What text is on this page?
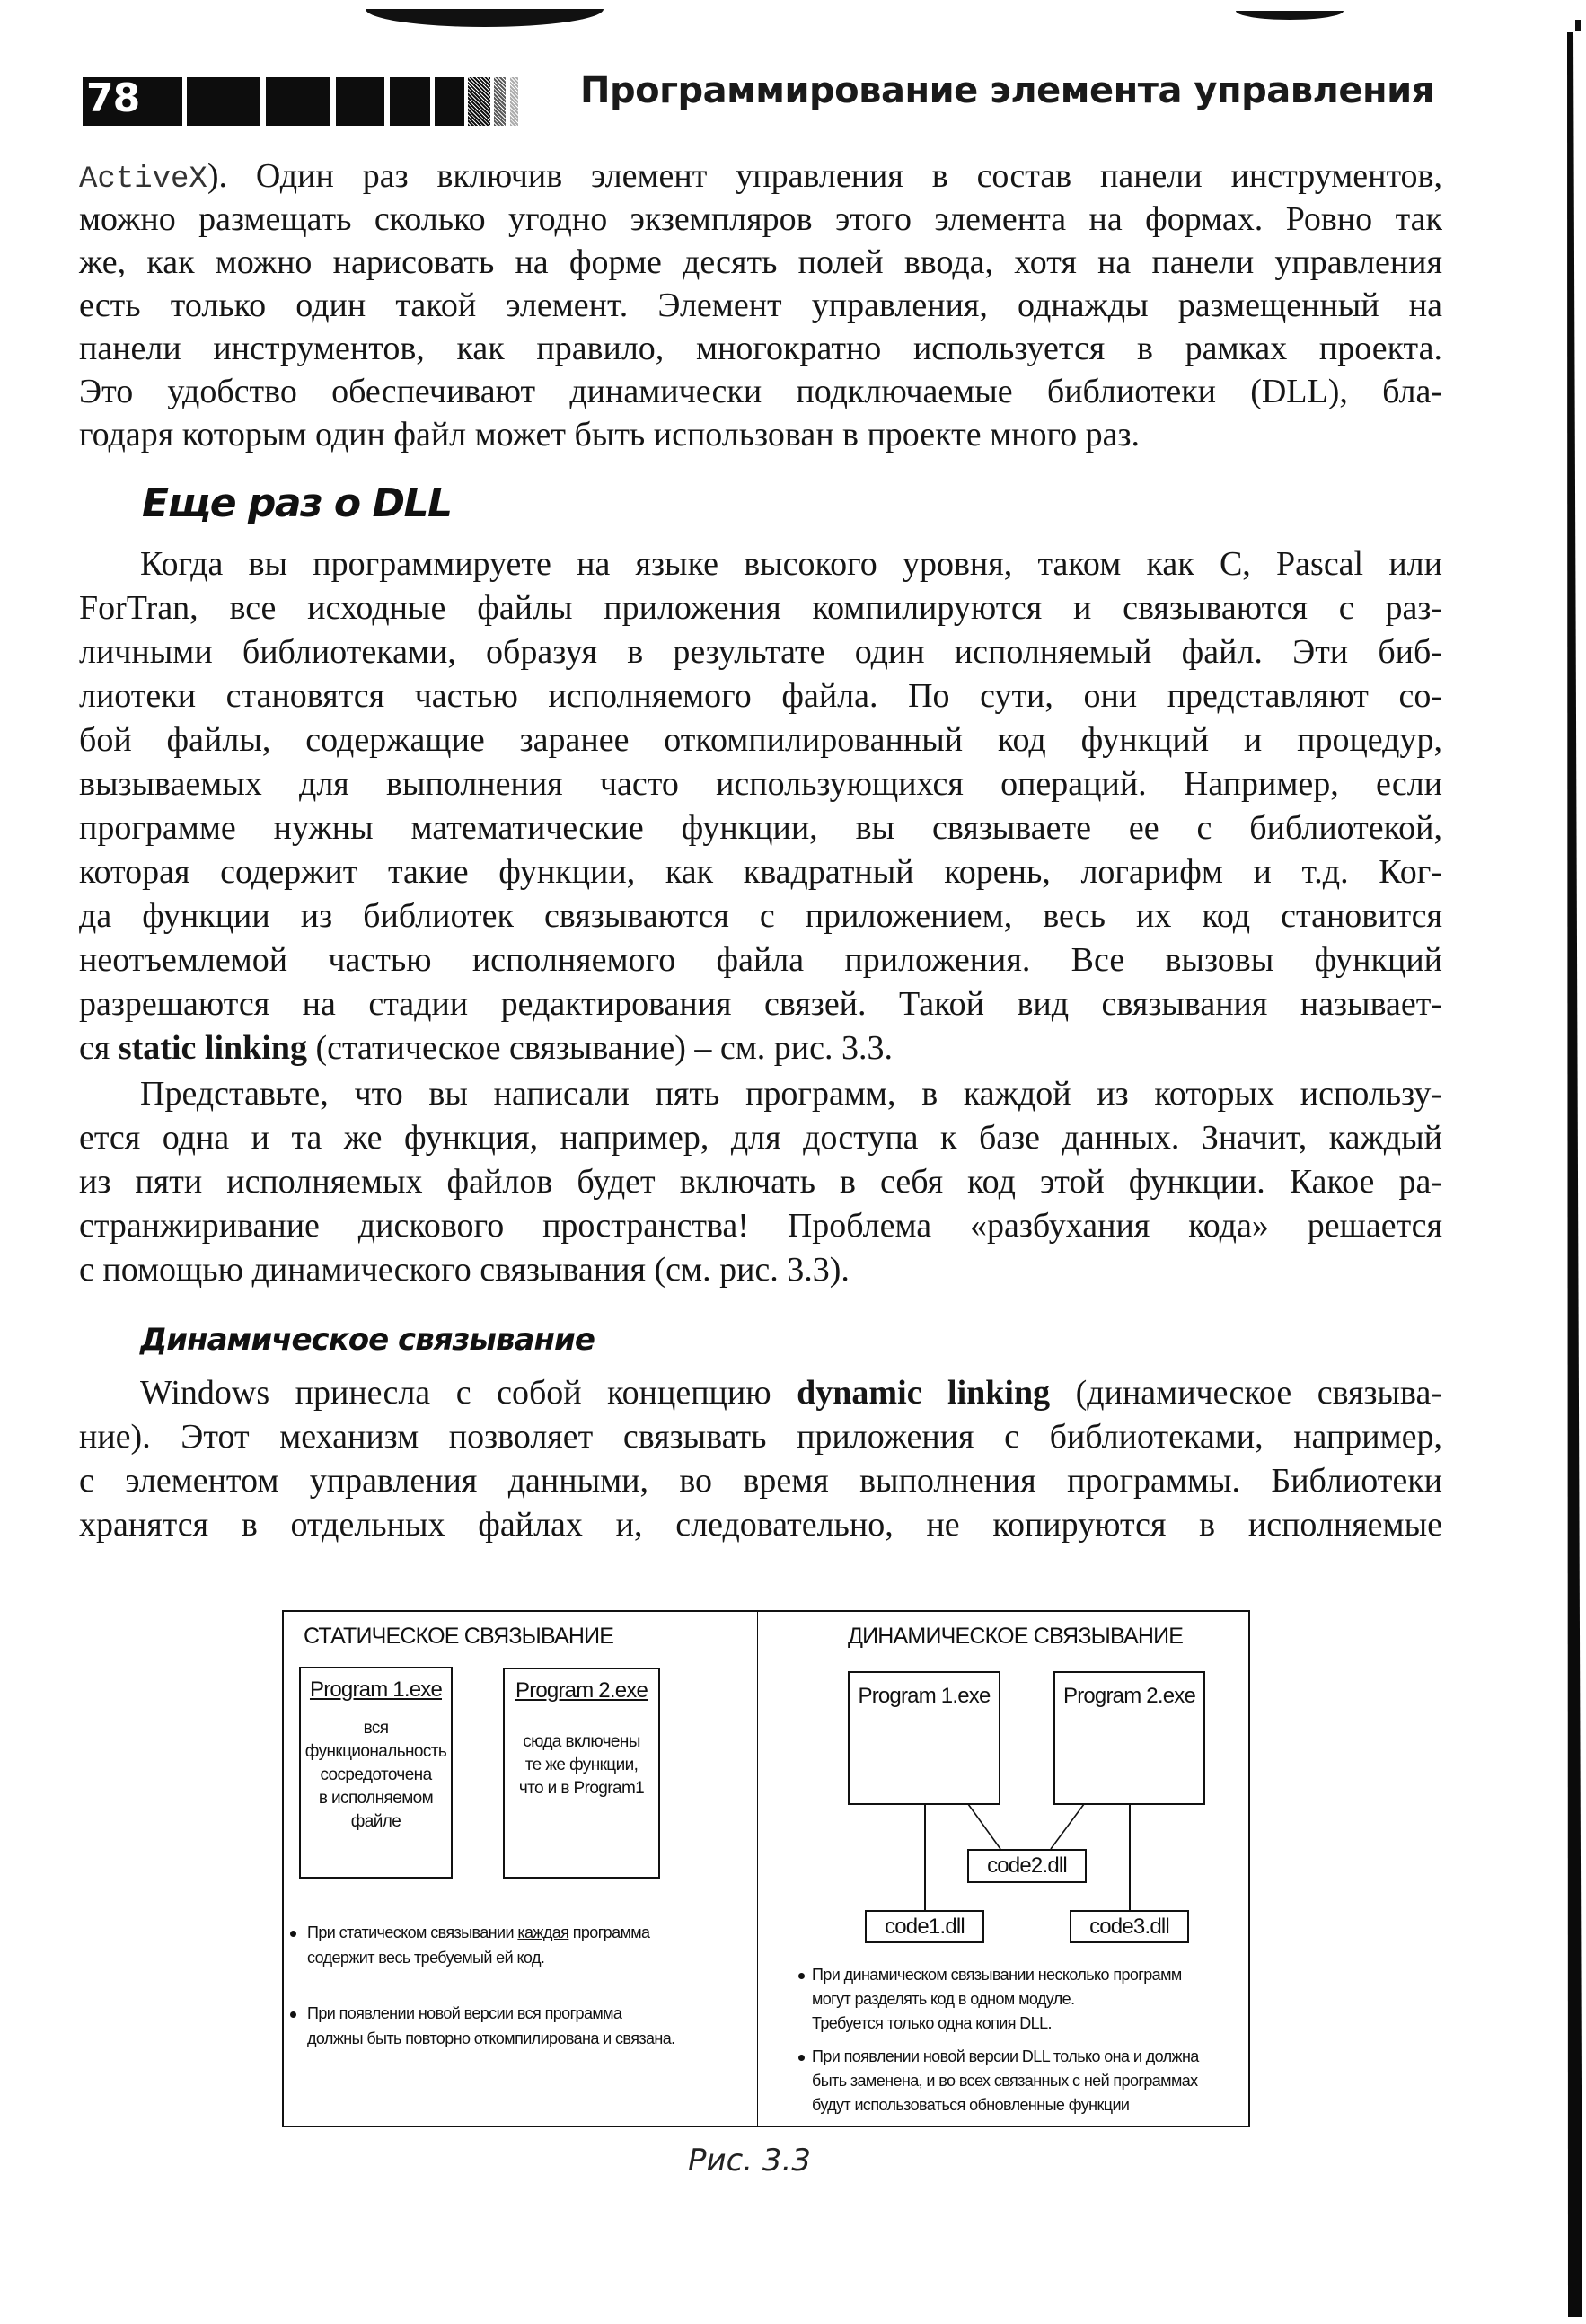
78	Программирование элемента управления
ActiveX). Один раз включив элемент управления в состав панели инструментов,
можно размещать сколько угодно экземпляров этого элемента на формах. Ровно так
же, как можно нарисовать на форме десять полей ввода, хотя на панели управления
есть только один такой элемент. Элемент управления, однажды размещенный на
панели инструментов, как правило, многократно используется в рамках проекта.
Это удобство обеспечивают динамически подключаемые библиотеки (DLL), бла-
годаря которым один файл может быть использован в проекте много раз.
Еще раз о DLL
Когда вы программируете на языке высокого уровня, таком как C, Pascal или
ForTran, все исходные файлы приложения компилируются и связываются с раз-
личными библиотеками, образуя в результате один исполняемый файл. Эти биб-
лиотеки становятся частью исполняемого файла. По сути, они представляют со-
бой файлы, содержащие заранее откомпилированный код функций и процедур,
вызываемых для выполнения часто использующихся операций. Например, если
программе нужны математические функции, вы связываете ее с библиотекой,
которая содержит такие функции, как квадратный корень, логарифм и т.д. Ког-
да функции из библиотек связываются с приложением, весь их код становится
неотъемлемой частью исполняемого файла приложения. Все вызовы функций
разрешаются на стадии редактирования связей. Такой вид связывания называет-
ся static linking (статическое связывание) – см. рис. 3.3.
Представьте, что вы написали пять программ, в каждой из которых использу-
ется одна и та же функция, например, для доступа к базе данных. Значит, каждый
из пяти исполняемых файлов будет включать в себя код этой функции. Какое ра-
странжиривание дискового пространства! Проблема «разбухания кода» решается
с помощью динамического связывания (см. рис. 3.3).
Динамическое связывание
Windows принесла с собой концепцию dynamic linking (динамическое связыва-
ние). Этот механизм позволяет связывать приложения с библиотеками, например,
с элементом управления данными, во время выполнения программы. Библиотеки
хранятся в отдельных файлах и, следовательно, не копируются в исполняемые
СТАТИЧЕСКОЕ СВЯЗЫВАНИЕ
Program 1.exe
вся
функциональность
сосредоточена
в исполняемом
файле
Program 2.exe
сюда включены
те же функции,
что и в Program1
При статическом связывании каждая программа
содержит весь требуемый ей код.
При появлении новой версии вся программа
должны быть повторно откомпилирована и связана.
ДИНАМИЧЕСКОЕ СВЯЗЫВАНИЕ
Program 1.exe	Program 2.exe
code2.dll
code1.dll	code3.dll
При динамическом связывании несколько программ
могут разделять код в одном модуле.
Требуется только одна копия DLL.
При появлении новой версии DLL только она и должна
быть заменена, и во всех связанных с ней программах
будут использоваться обновленные функции
Рис. 3.3
